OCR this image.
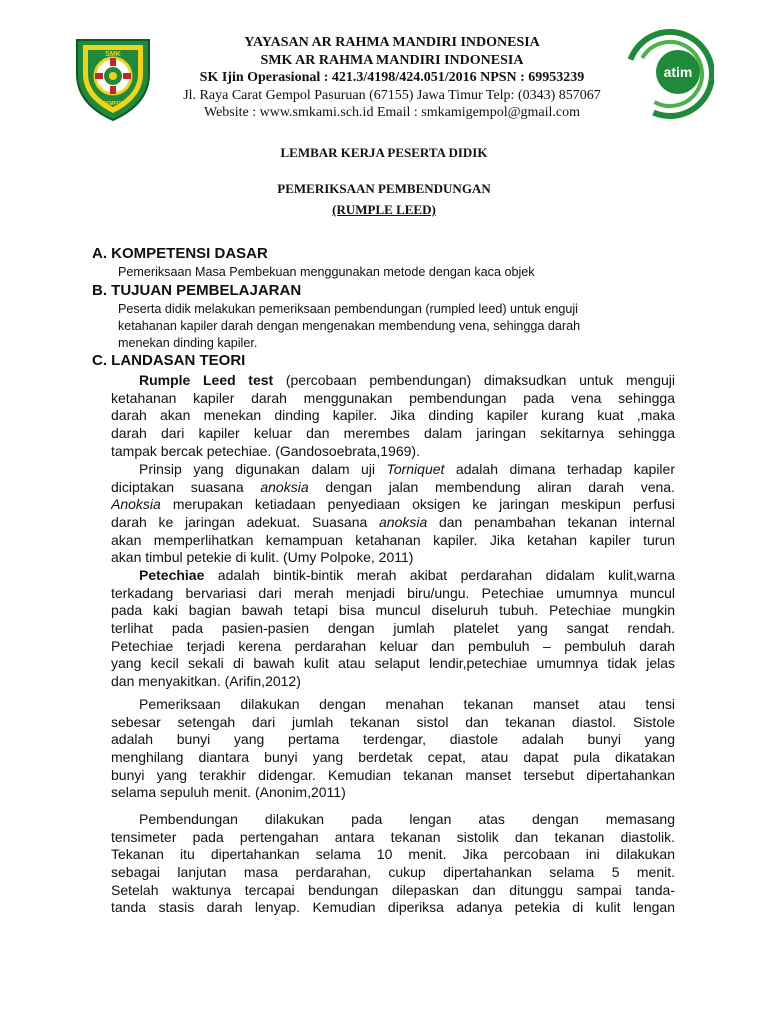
SMK
GEMPOL
YAYASAN AR RAHMA MANDIRI INDONESIA
SMK AR RAHMA MANDIRI INDONESIA
SK Ijin Operasional : 421.3/4198/424.051/2016 NPSN : 69953239
Jl. Raya Carat Gempol Pasuruan (67155) Jawa Timur Telp: (0343) 857067
Website : www.smkami.sch.id Email : smkamigempol@gmail.com
atim
LEMBAR KERJA PESERTA DIDIK
PEMERIKSAAN PEMBENDUNGAN
(RUMPLE LEED)
A. KOMPETENSI DASAR
Pemeriksaan Masa Pembekuan menggunakan metode dengan kaca objek
B. TUJUAN PEMBELAJARAN
Peserta didik melakukan pemeriksaan pembendungan (rumpled leed) untuk enguji
ketahanan kapiler darah dengan mengenakan membendung vena, sehingga darah
menekan dinding kapiler.
C. LANDASAN TEORI
Rumple Leed test (percobaan pembendungan) dimaksudkan untuk menguji
ketahanan kapiler darah menggunakan pembendungan pada vena sehingga
darah akan menekan dinding kapiler. Jika dinding kapiler kurang kuat ,maka
darah dari kapiler keluar dan merembes dalam jaringan sekitarnya sehingga
tampak bercak petechiae. (Gandosoebrata,1969).
Prinsip yang digunakan dalam uji Torniquet adalah dimana terhadap kapiler
diciptakan suasana anoksia dengan jalan membendung aliran darah vena.
Anoksia merupakan ketiadaan penyediaan oksigen ke jaringan meskipun perfusi
darah ke jaringan adekuat. Suasana anoksia dan penambahan tekanan internal
akan memperlihatkan kemampuan ketahanan kapiler. Jika ketahan kapiler turun
akan timbul petekie di kulit. (Umy Polpoke, 2011)
Petechiae adalah bintik-bintik merah akibat perdarahan didalam kulit,warna
terkadang bervariasi dari merah menjadi biru/ungu. Petechiae umumnya muncul
pada kaki bagian bawah tetapi bisa muncul diseluruh tubuh. Petechiae mungkin
terlihat pada pasien-pasien dengan jumlah platelet yang sangat rendah.
Petechiae terjadi kerena perdarahan keluar dan pembuluh – pembuluh darah
yang kecil sekali di bawah kulit atau selaput lendir,petechiae umumnya tidak jelas
dan menyakitkan. (Arifin,2012)
Pemeriksaan dilakukan dengan menahan tekanan manset atau tensi
sebesar setengah dari jumlah tekanan sistol dan tekanan diastol. Sistole
adalah bunyi yang pertama terdengar, diastole adalah bunyi yang
menghilang diantara bunyi yang berdetak cepat, atau dapat pula dikatakan
bunyi yang terakhir didengar. Kemudian tekanan manset tersebut dipertahankan
selama sepuluh menit. (Anonim,2011)
Pembendungan dilakukan pada lengan atas dengan memasang
tensimeter pada pertengahan antara tekanan sistolik dan tekanan diastolik.
Tekanan itu dipertahankan selama 10 menit. Jika percobaan ini dilakukan
sebagai lanjutan masa perdarahan, cukup dipertahankan selama 5 menit.
Setelah waktunya tercapai bendungan dilepaskan dan ditunggu sampai tanda-
tanda stasis darah lenyap. Kemudian diperiksa adanya petekia di kulit lengan
